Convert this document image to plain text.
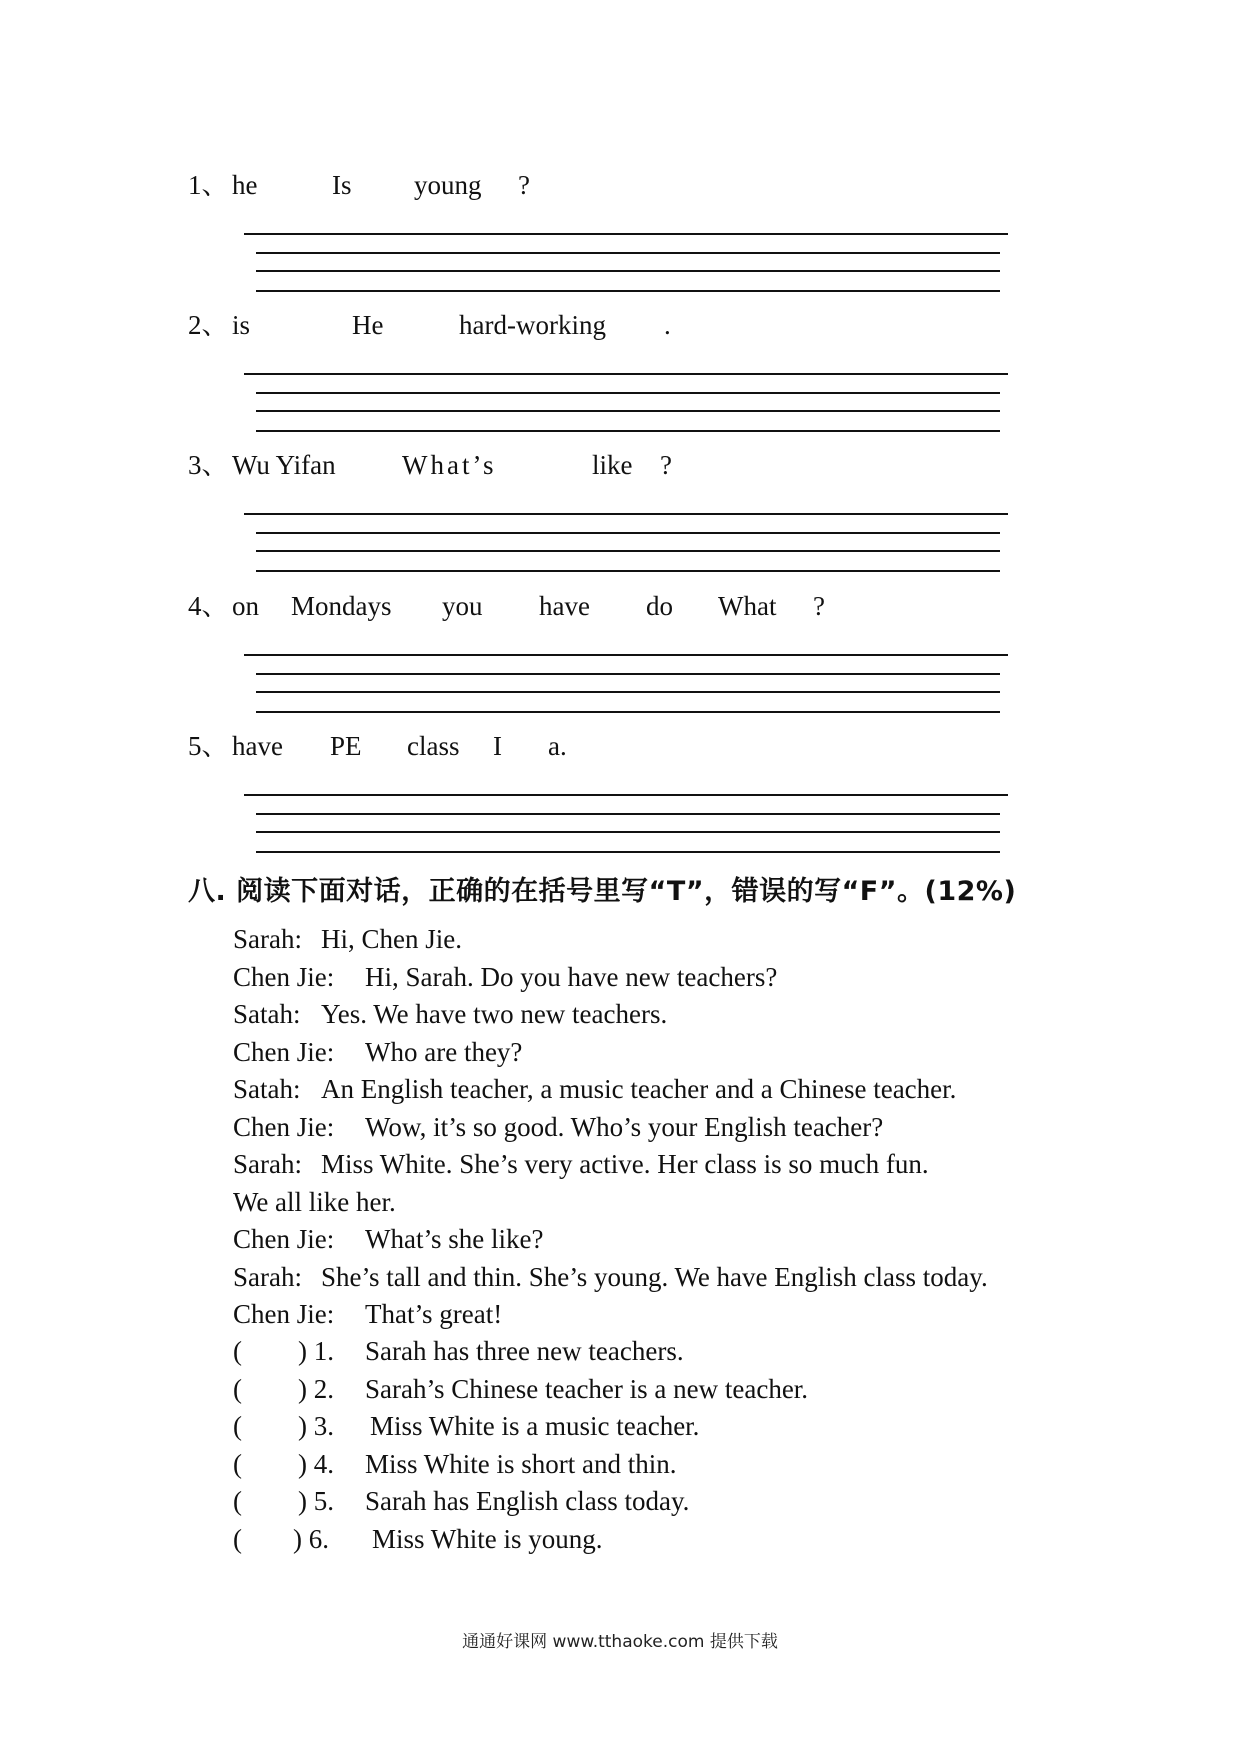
1、 he	Is young ?
2、 is	He	hard-working .
3、 Wu Yifan What’s	like ?
4、 on Mondays you have do What ?
5、 have PE class I a.
八. 阅读下面对话，正确的在括号里写“T”，错误的写“F”。(12%)
Sarah: Hi, Chen Jie.
Chen Jie: Hi, Sarah. Do you have new teachers?
Satah: Yes. We have two new teachers.
Chen Jie: Who are they?
Satah: An English teacher, a music teacher and a Chinese teacher.
Chen Jie: Wow, it’s so good. Who’s your English teacher?
Sarah: Miss White. She’s very active. Her class is so much fun.
We all like her.
Chen Jie: What’s she like?
Sarah: She’s tall and thin. She’s young. We have English class today.
Chen Jie: That’s great!
( ) 1. Sarah has three new teachers.
( ) 2. Sarah’s Chinese teacher is a new teacher.
( ) 3. Miss White is a music teacher.
( ) 4. Miss White is short and thin.
( ) 5. Sarah has English class today.
( ) 6. Miss White is young.
通通好课网 www.tthaoke.com 提供下载
